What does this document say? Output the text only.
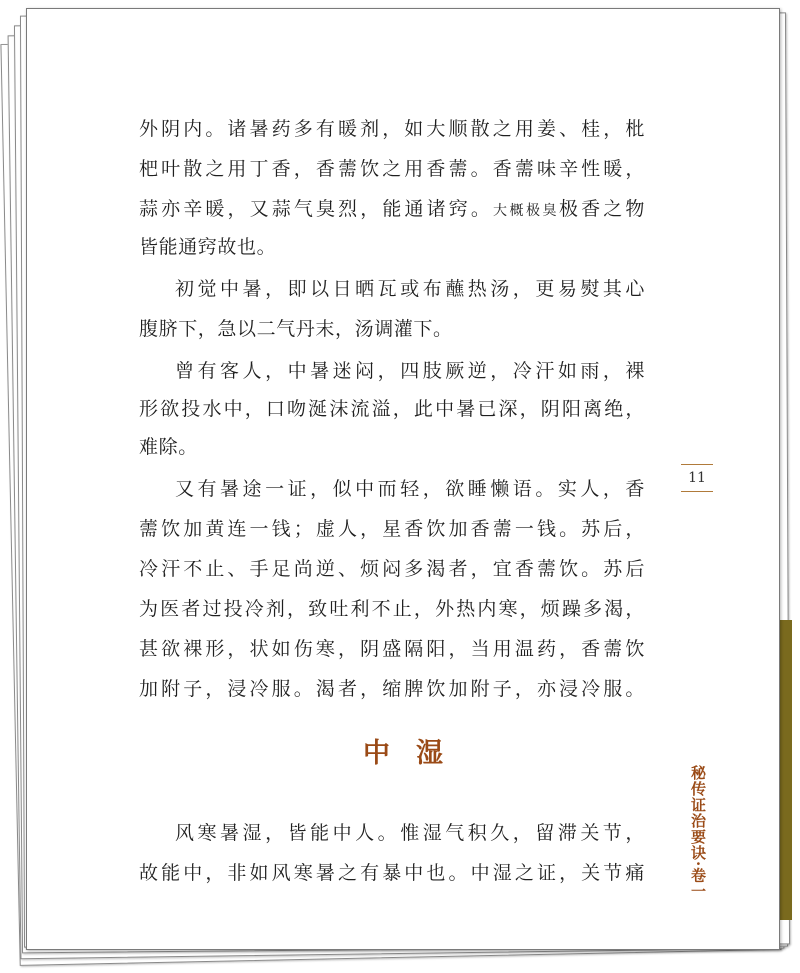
外阴内。诸暑药多有暖剂，如大顺散之用姜、桂，枇
杷叶散之用丁香，香薷饮之用香薷。香薷味辛性暖，
蒜亦辛暖，又蒜气臭烈，能通诸窍。大概极臭极香之物
皆能通窍故也。
初觉中暑，即以日晒瓦或布蘸热汤，更易熨其心
腹脐下，急以二气丹末，汤调灌下。
曾有客人，中暑迷闷，四肢厥逆，冷汗如雨，裸
形欲投水中，口吻涎沫流溢，此中暑已深，阴阳离绝，
难除。
又有暑途一证，似中而轻，欲睡懒语。实人，香
薷饮加黄连一钱；虚人，星香饮加香薷一钱。苏后，
冷汗不止、手足尚逆、烦闷多渴者，宜香薷饮。苏后
为医者过投冷剂，致吐利不止，外热内寒，烦躁多渴，
甚欲裸形，状如伤寒，阴盛隔阳，当用温药，香薷饮
加附子，浸冷服。渴者，缩脾饮加附子，亦浸冷服。
中湿
风寒暑湿，皆能中人。惟湿气积久，留滞关节，
故能中，非如风寒暑之有暴中也。中湿之证，关节痛
11
秘传证治要诀·卷一
